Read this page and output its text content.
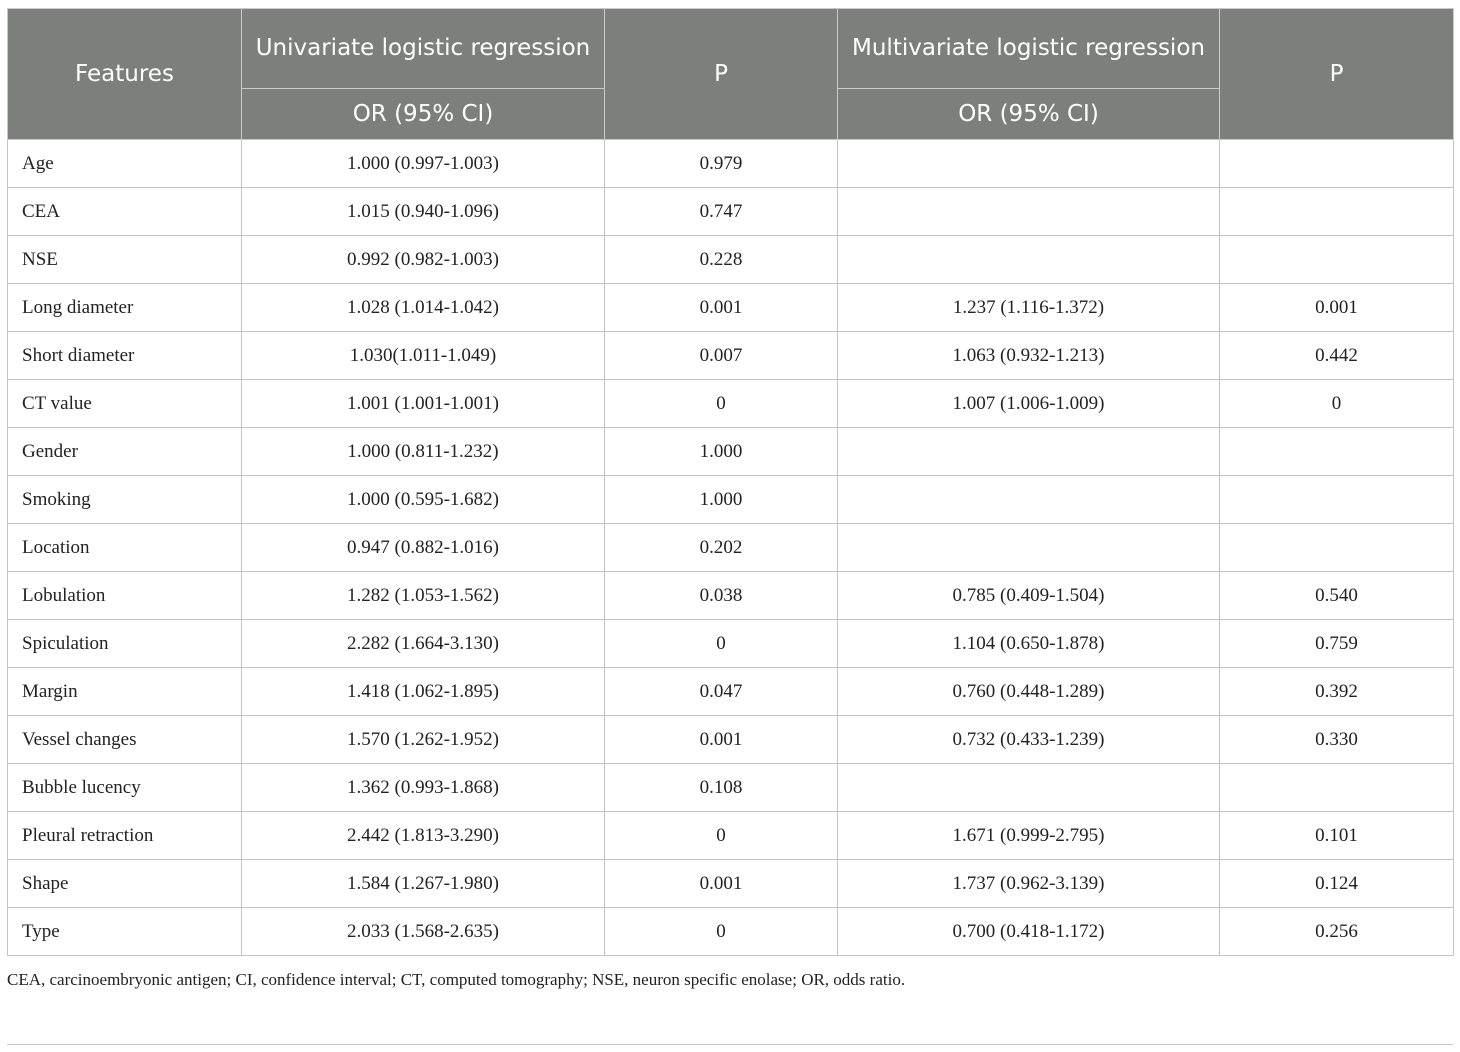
Features	Univariate logistic regression	P	Multivariate logistic regression	P
	OR (95% CI)		OR (95% CI)	
Age	1.000 (0.997-1.003)	0.979		
CEA	1.015 (0.940-1.096)	0.747		
NSE	0.992 (0.982-1.003)	0.228		
Long diameter	1.028 (1.014-1.042)	0.001	1.237 (1.116-1.372)	0.001
Short diameter	1.030(1.011-1.049)	0.007	1.063 (0.932-1.213)	0.442
CT value	1.001 (1.001-1.001)	0	1.007 (1.006-1.009)	0
Gender	1.000 (0.811-1.232)	1.000		
Smoking	1.000 (0.595-1.682)	1.000		
Location	0.947 (0.882-1.016)	0.202		
Lobulation	1.282 (1.053-1.562)	0.038	0.785 (0.409-1.504)	0.540
Spiculation	2.282 (1.664-3.130)	0	1.104 (0.650-1.878)	0.759
Margin	1.418 (1.062-1.895)	0.047	0.760 (0.448-1.289)	0.392
Vessel changes	1.570 (1.262-1.952)	0.001	0.732 (0.433-1.239)	0.330
Bubble lucency	1.362 (0.993-1.868)	0.108		
Pleural retraction	2.442 (1.813-3.290)	0	1.671 (0.999-2.795)	0.101
Shape	1.584 (1.267-1.980)	0.001	1.737 (0.962-3.139)	0.124
Type	2.033 (1.568-2.635)	0	0.700 (0.418-1.172)	0.256
CEA, carcinoembryonic antigen; CI, confidence interval; CT, computed tomography; NSE, neuron specific enolase; OR, odds ratio.
